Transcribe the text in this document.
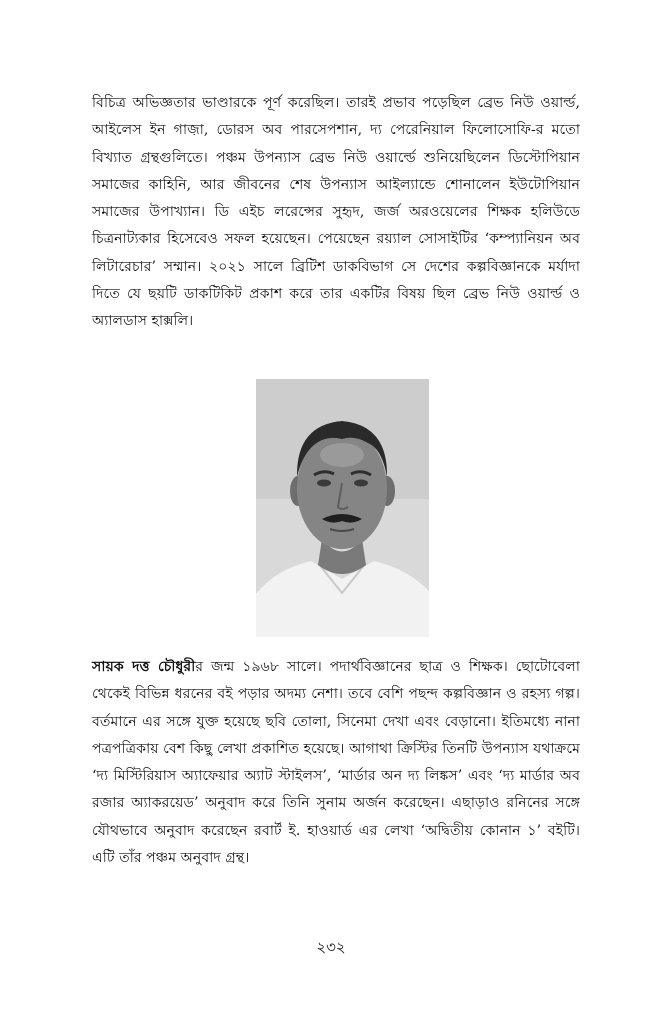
বিচিত্র অভিজ্ঞতার ভাণ্ডারকে পূর্ণ করেছিল। তারই প্রভাব পড়েছিল ব্রেভ নিউ ওয়ার্ল্ড, আইলেস ইন গাজ়া, ডোরস অব পারসেপশান, দ্য পেরেনিয়াল ফিলোসোফি-র মতো বিখ্যাত গ্রন্থগুলিতে। পঞ্চম উপন্যাস ব্রেভ নিউ ওয়ার্ল্ডে শুনিয়েছিলেন ডিস্টোপিয়ান সমাজের কাহিনি, আর জীবনের শেষ উপন্যাস আইল্যান্ডে শোনালেন ইউটোপিয়ান সমাজের উপাখ্যান। ডি এইচ লরেন্সের সুহৃদ, জর্জ অরওয়েলের শিক্ষক হলিউডে চিত্রনাট্যকার হিসেবেও সফল হয়েছেন। পেয়েছেন রয়্যাল সোসাইটির ‘কম্প্যানিয়ন অব লিটারেচার’ সম্মান। ২০২১ সালে ব্রিটিশ ডাকবিভাগ সে দেশের কল্পবিজ্ঞানকে মর্যাদা দিতে যে ছয়টি ডাকটিকিট প্রকাশ করে তার একটির বিষয় ছিল ব্রেভ নিউ ওয়ার্ল্ড ও অ্যালডাস হাক্সলি।

সায়ক দত্ত চৌধুরীর জন্ম ১৯৬৮ সালে। পদার্থবিজ্ঞানের ছাত্র ও শিক্ষক। ছোটোবেলা থেকেই বিভিন্ন ধরনের বই পড়ার অদম্য নেশা। তবে বেশি পছন্দ কল্পবিজ্ঞান ও রহস্য গল্প। বর্তমানে এর সঙ্গে যুক্ত হয়েছে ছবি তোলা, সিনেমা দেখা এবং বেড়ানো। ইতিমধ্যে নানা পত্রপত্রিকায় বেশ কিছু লেখা প্রকাশিত হয়েছে। আগাথা ক্রিস্টির তিনটি উপন্যাস যথাক্রমে ‘দ্য মিস্টিরিয়াস অ্যাফেয়ার অ্যাট স্টাইলস’, ‘মার্ডার অন দ্য লিঙ্কস’ এবং ‘দ্য মার্ডার অব রজার অ্যাকরয়েড’ অনুবাদ করে তিনি সুনাম অর্জন করেছেন। এছাড়াও রনিনের সঙ্গে যৌথভাবে অনুবাদ করেছেন রবার্ট ই. হাওয়ার্ড এর লেখা ‘অদ্বিতীয় কোনান ১’ বইটি। এটি তাঁর পঞ্চম অনুবাদ গ্রন্থ।

২৩২
